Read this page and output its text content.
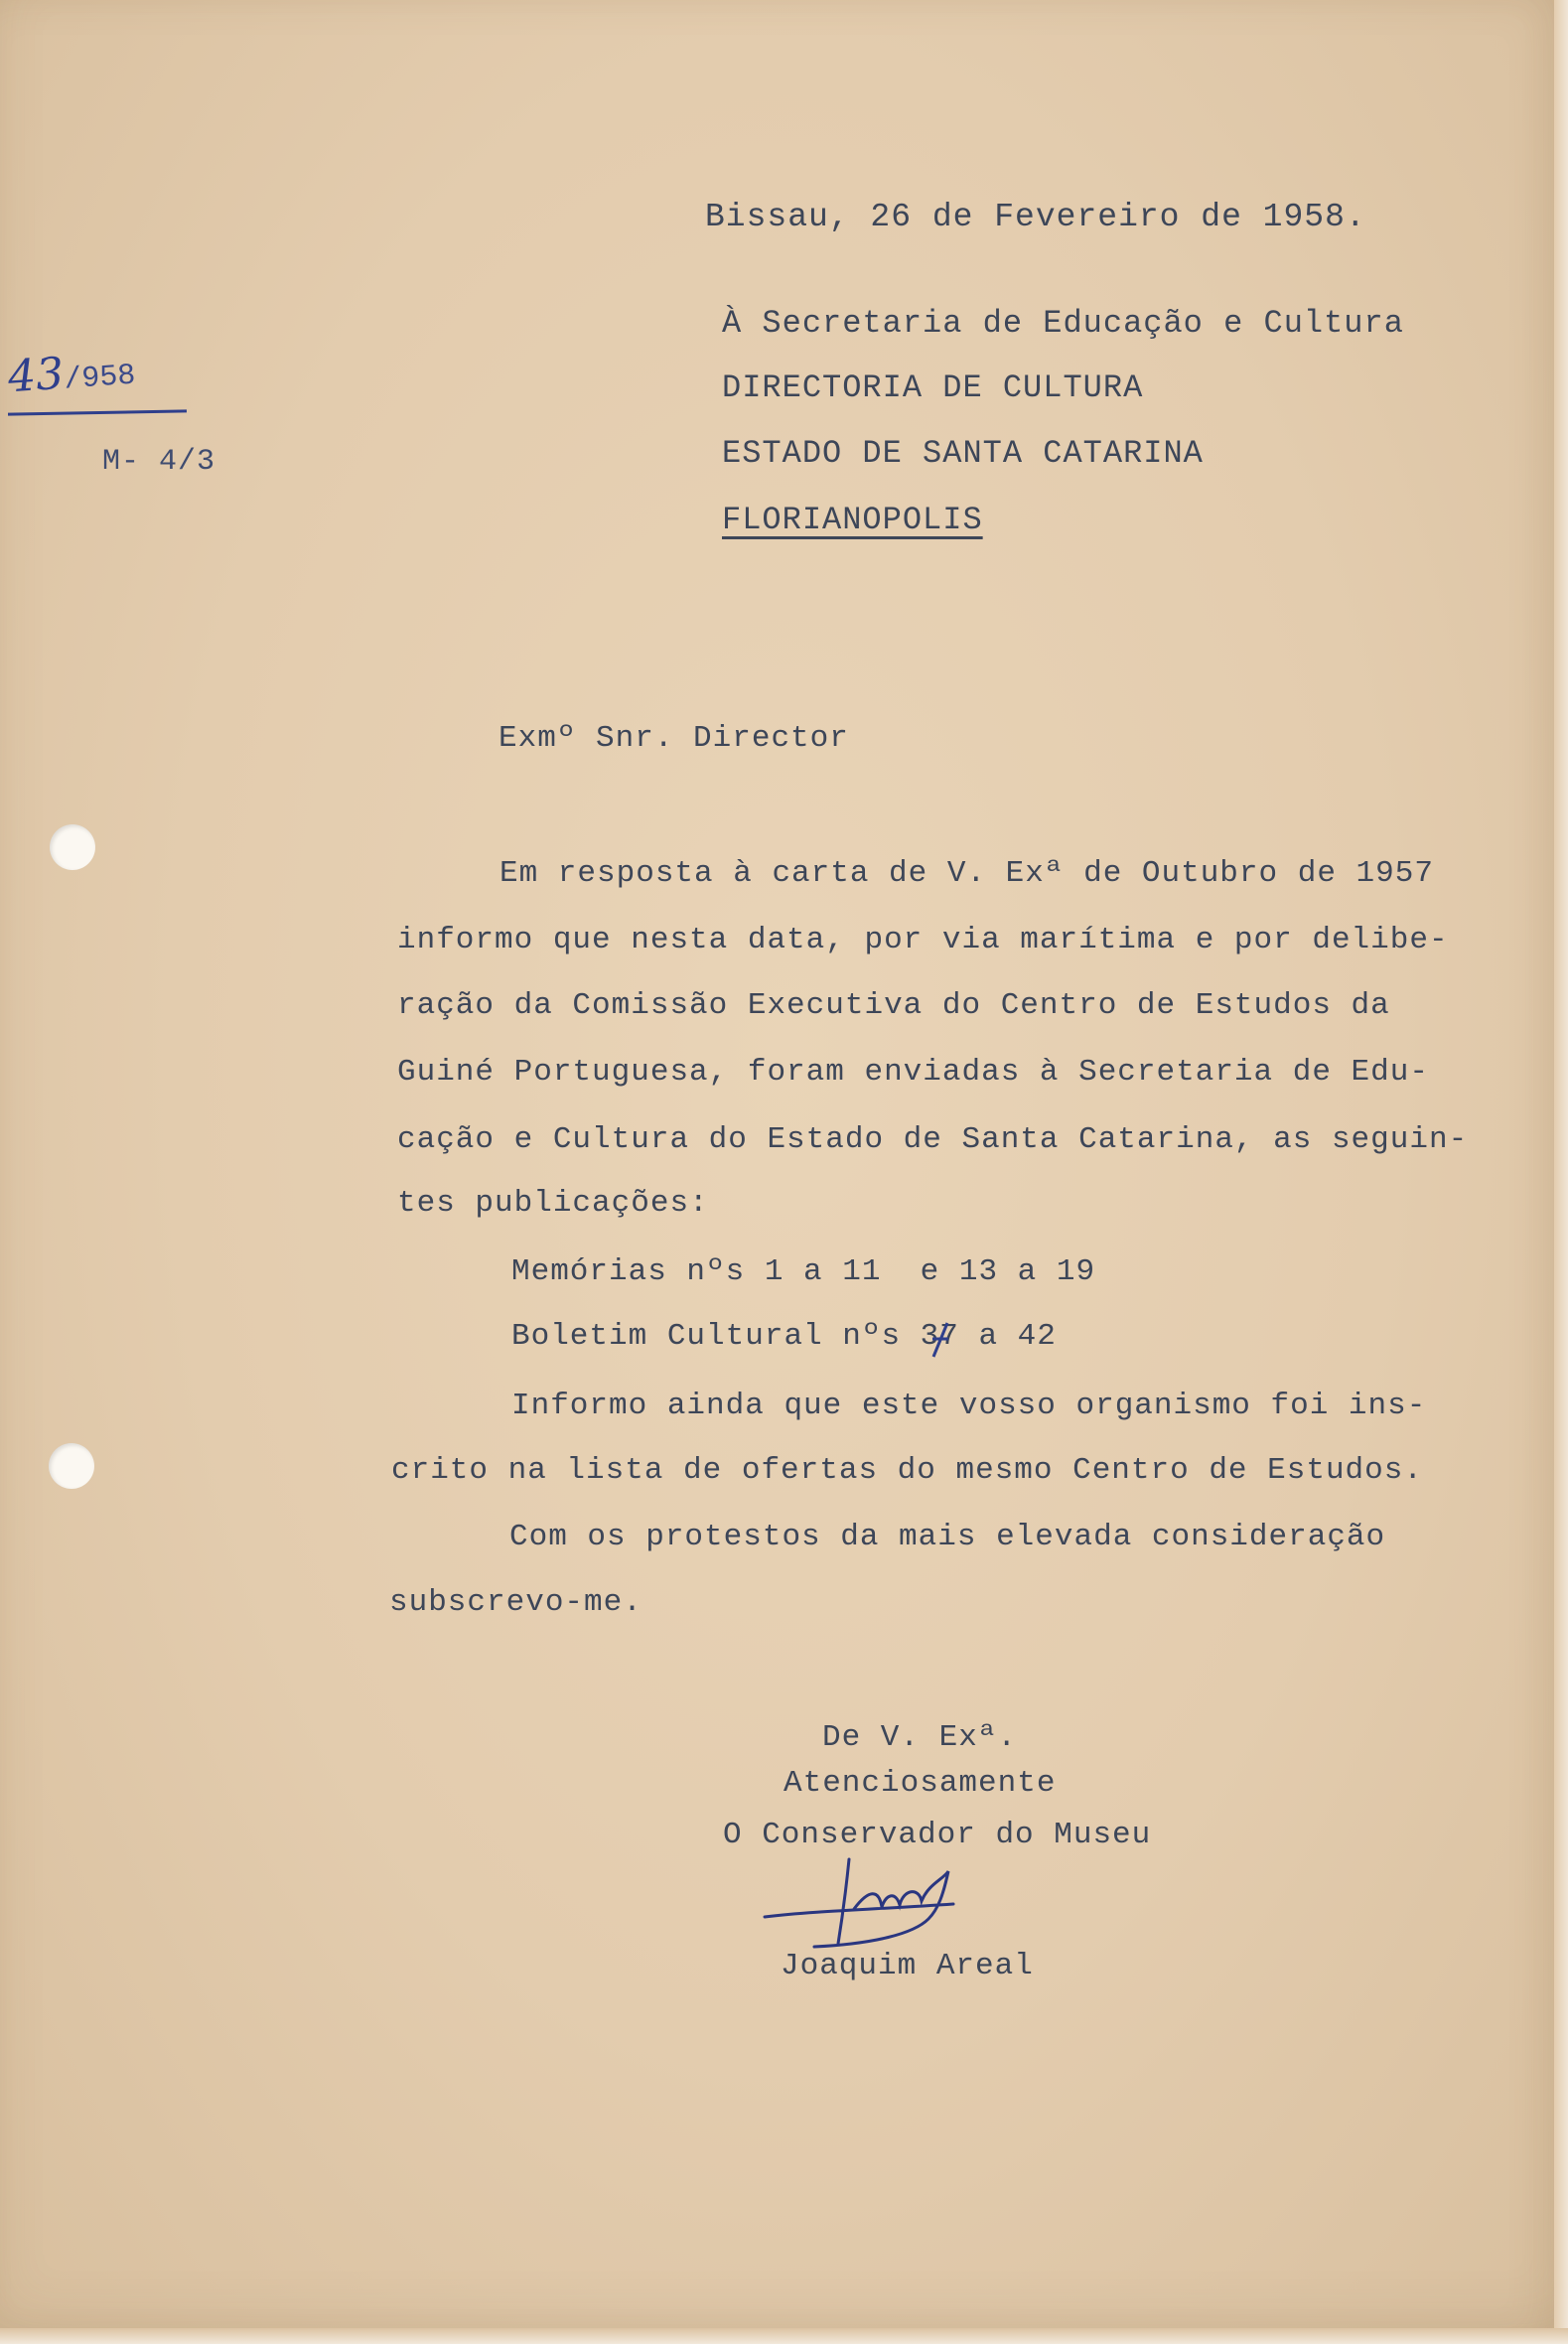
43/958
M- 4/3
Bissau, 26 de Fevereiro de 1958.
À Secretaria de Educação e Cultura
DIRECTORIA DE CULTURA
ESTADO DE SANTA CATARINA
FLORIANOPOLIS
Exmº Snr. Director
Em resposta à carta de V. Exª de Outubro de 1957
informo que nesta data, por via marítima e por delibe-
ração da Comissão Executiva do Centro de Estudos da
Guiné Portuguesa, foram enviadas à Secretaria de Edu-
cação e Cultura do Estado de Santa Catarina, as seguin-
tes publicações:
Memórias nºs 1 a 11  e 13 a 19
Boletim Cultural nºs 37 a 42
Informo ainda que este vosso organismo foi ins-
crito na lista de ofertas do mesmo Centro de Estudos.
Com os protestos da mais elevada consideração
subscrevo-me.
De V. Exª.
Atenciosamente
O Conservador do Museu
Joaquim Areal
